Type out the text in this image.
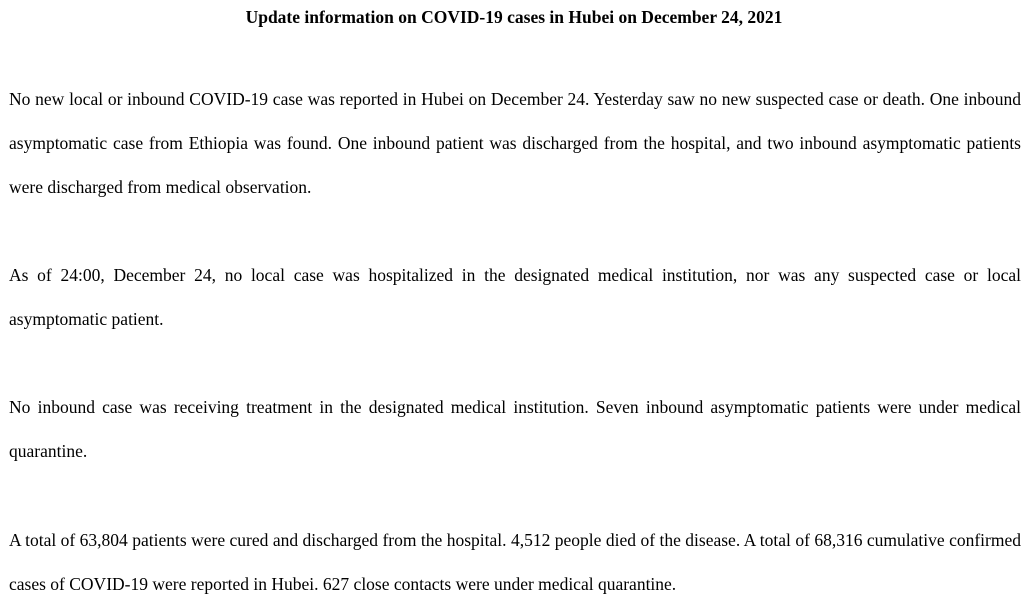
Update information on COVID-19 cases in Hubei on December 24, 2021

No new local or inbound COVID-19 case was reported in Hubei on December 24. Yesterday saw no new suspected case or death. One inbound asymptomatic case from Ethiopia was found. One inbound patient was discharged from the hospital, and two inbound asymptomatic patients were discharged from medical observation.

As of 24:00, December 24, no local case was hospitalized in the designated medical institution, nor was any suspected case or local asymptomatic patient.

No inbound case was receiving treatment in the designated medical institution. Seven inbound asymptomatic patients were under medical quarantine.

A total of 63,804 patients were cured and discharged from the hospital. 4,512 people died of the disease. A total of 68,316 cumulative confirmed cases of COVID-19 were reported in Hubei. 627 close contacts were under medical quarantine.
